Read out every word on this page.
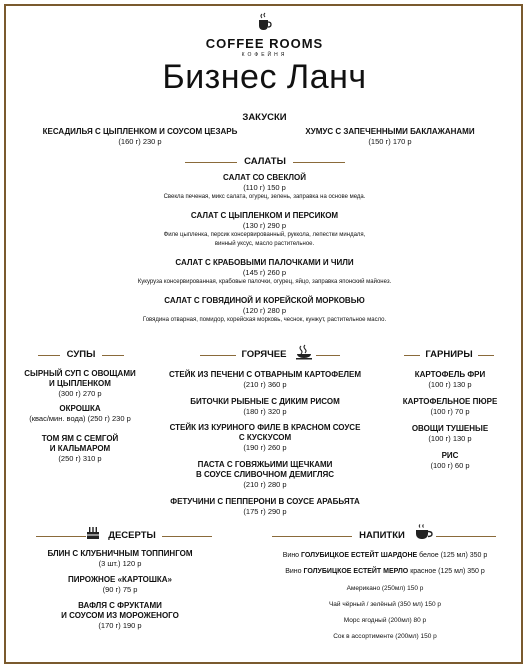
COFFEE ROOMS
КОФЕЙНЯ
Бизнес Ланч
ЗАКУСКИ
КЕСАДИЛЬЯ С ЦЫПЛЕНКОМ И СОУСОМ ЦЕЗАРЬ
(160 г) 230 р
ХУМУС С ЗАПЕЧЕННЫМИ БАКЛАЖАНАМИ
(150 г) 170 р
САЛАТЫ
САЛАТ СО СВЕКЛОЙ
(110 г) 150 р
Свекла печеная, микс салата, огурец, зелень, заправка на основе меда.
САЛАТ С ЦЫПЛЕНКОМ И ПЕРСИКОМ
(130 г) 290 р
Филе цыпленка, персик консервированный, руккола, лепестки миндаля,
винный уксус, масло растительное.
САЛАТ С КРАБОВЫМИ ПАЛОЧКАМИ И ЧИЛИ
(145 г) 260 р
Кукуруза консервированная, крабовые палочки, огурец, яйцо, заправка японский майонез.
САЛАТ С ГОВЯДИНОЙ И КОРЕЙСКОЙ МОРКОВЬЮ
(120 г) 280 р
Говядина отварная, помидор, корейская морковь, чеснок, кунжут, растительное масло.
СУПЫ
СЫРНЫЙ СУП С ОВОЩАМИ
И ЦЫПЛЕНКОМ
(300 г) 270 р
ОКРОШКА
(квас/мин. вода) (250 г) 230 р
ТОМ ЯМ С СЕМГОЙ
И КАЛЬМАРОМ
(250 г) 310 р
ГОРЯЧЕЕ
СТЕЙК ИЗ ПЕЧЕНИ С ОТВАРНЫМ КАРТОФЕЛЕМ
(210 г) 360 р
БИТОЧКИ РЫБНЫЕ С ДИКИМ РИСОМ
(180 г) 320 р
СТЕЙК ИЗ КУРИНОГО ФИЛЕ В КРАСНОМ СОУСЕ
С КУСКУСОМ
(190 г) 260 р
ПАСТА С ГОВЯЖЬИМИ ЩЕЧКАМИ
В СОУСЕ СЛИВОЧНОМ ДЕМИГЛЯС
(210 г) 280 р
ФЕТУЧИНИ С ПЕППЕРОНИ В СОУСЕ АРАБЬЯТА
(175 г) 290 р
ГАРНИРЫ
КАРТОФЕЛЬ ФРИ
(100 г) 130 р
КАРТОФЕЛЬНОЕ ПЮРЕ
(100 г) 70 р
ОВОЩИ ТУШЕНЫЕ
(100 г) 130 р
РИС
(100 г) 60 р
ДЕСЕРТЫ
БЛИН С КЛУБНИЧНЫМ ТОППИНГОМ
(3 шт.) 120 р
ПИРОЖНОЕ «КАРТОШКА»
(90 г) 75 р
ВАФЛЯ С ФРУКТАМИ
И СОУСОМ ИЗ МОРОЖЕНОГО
(170 г) 190 р
НАПИТКИ
Вино ГОЛУБИЦКОЕ ЕСТЕЙТ ШАРДОНЕ белое (125 мл) 350 р
Вино ГОЛУБИЦКОЕ ЕСТЕЙТ МЕРЛО красное (125 мл) 350 р
Американо (250мл) 150 р
Чай чёрный / зелёный (350 мл) 150 р
Морс ягодный (200мл) 80 р
Сок в ассортименте (200мл) 150 р
